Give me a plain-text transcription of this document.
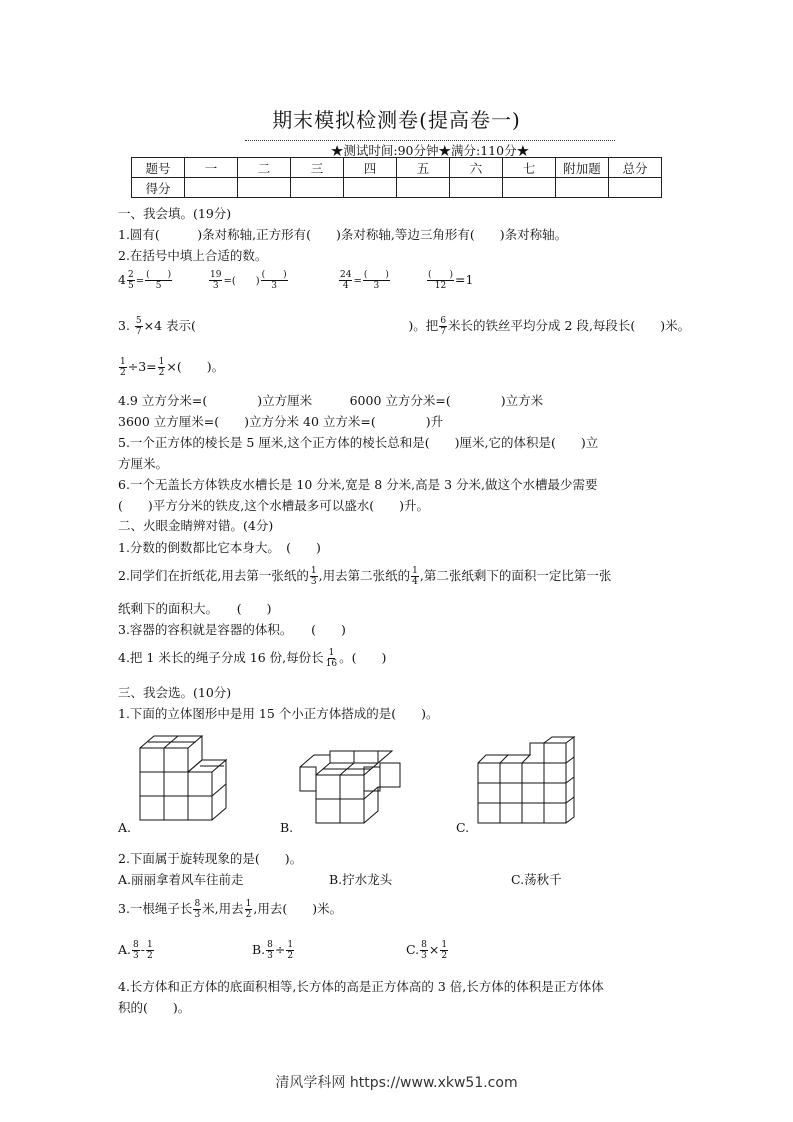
期末模拟检测卷(提高卷一)
★测试时间:90分钟★满分:110分★
题号	一	二	三	四	五	六	七	附加题	总分
得分									
一、我会填。(19分)
1.圆有(　　　)条对称轴,正方形有(　　)条对称轴,等边三角形有(　　)条对称轴。
2.在括号中填上合适的数。
$4 \frac{2}{5} = \frac{( )}{5}$	$\frac{19}{3}$ =(　　) $\frac{( )}{3}$	$\frac{24}{4} = \frac{( )}{3}$	$\frac{( )}{12} =1$
3. $\frac{5}{7} \times 4$ 表示(　　　　　　　　　　　　　　　　　)。把 $\frac{6}{7}$ 米长的铁丝平均分成 2 段,每段长(　　)米。
$\frac{1}{2} \div 3= \frac{1}{2}$ ×(　　)。
4.9 立方分米=(　　　　)立方厘米　　　6000 立方分米=(　　　　)立方米
3600 立方厘米=(　　)立方分米 40 立方米=(　　　　)升
5.一个正方体的棱长是 5 厘米,这个正方体的棱长总和是(　　)厘米,它的体积是(　　)立
方厘米。
6.一个无盖长方体铁皮水槽长是 10 分米,宽是 8 分米,高是 3 分米,做这个水槽最少需要
(　　)平方分米的铁皮,这个水槽最多可以盛水(　　)升。
二、火眼金睛辨对错。(4分)
1.分数的倒数都比它本身大。　(　　)
2.同学们在折纸花,用去第一张纸的 $\frac{1}{3}$ ,用去第二张纸的 $\frac{1}{4}$ ,第二张纸剩下的面积一定比第一张
纸剩下的面积大。　　(　　)
3.容器的容积就是容器的体积。　　(　　)
4.把 1 米长的绳子分成 16 份,每份长 $\frac{1}{16}$ 。(　　)
三、我会选。(10分)
1.下面的立体图形中是用 15 个小正方体搭成的是(　　)。
A.	B.	C.
2.下面属于旋转现象的是(　　)。
A.丽丽拿着风车往前走	B.拧水龙头	C.荡秋千
3.一根绳子长 $\frac{8}{3}$ 米,用去 $\frac{1}{2}$ ,用去(　　)米。
A. $\frac{8}{3} - \frac{1}{2}$	B. $\frac{8}{3} \div \frac{1}{2}$	C. $\frac{8}{3} \times \frac{1}{2}$
4.长方体和正方体的底面积相等,长方体的高是正方体高的 3 倍,长方体的体积是正方体体
积的(　　)。
清风学科网 https://www.xkw51.com
